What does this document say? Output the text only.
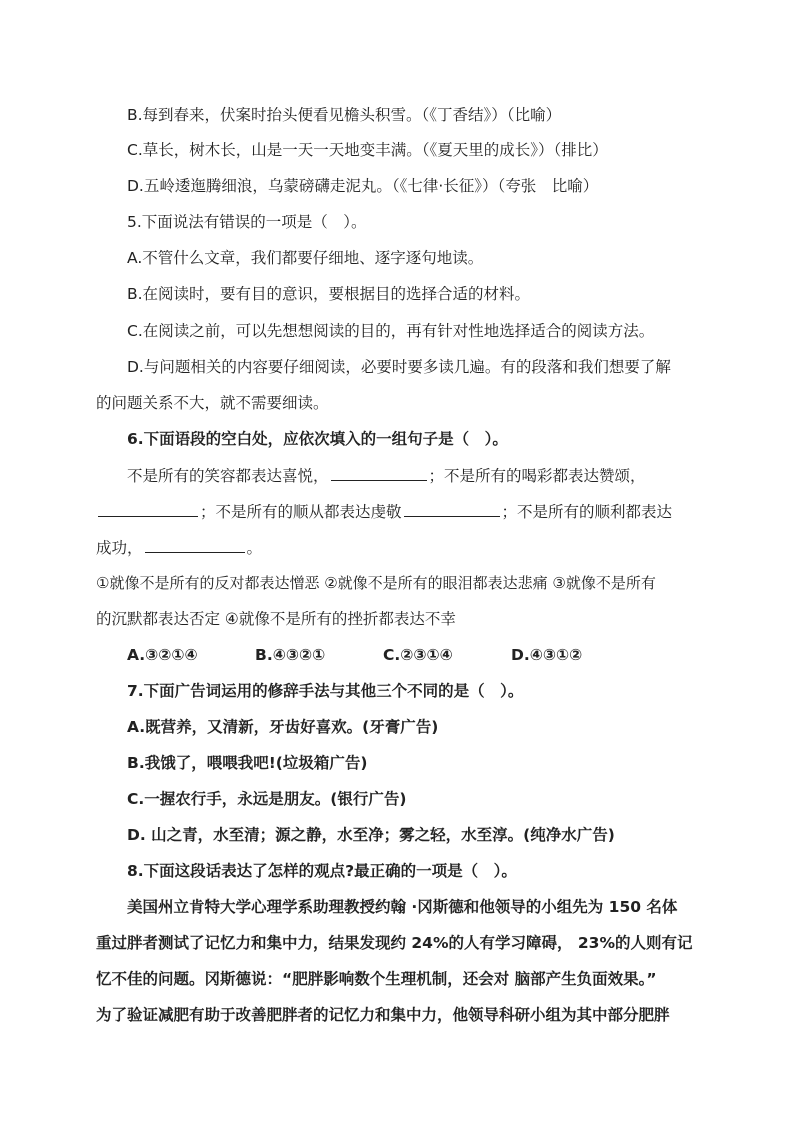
B.每到春来，伏案时抬头便看见檐头积雪。（《丁香结》）（比喻）
C.草长，树木长，山是一天一天地变丰满。（《夏天里的成长》）（排比）
D.五岭逶迤腾细浪，乌蒙磅礴走泥丸。（《七律·长征》）（夸张　比喻）
5.下面说法有错误的一项是（　）。
A.不管什么文章，我们都要仔细地、逐字逐句地读。
B.在阅读时，要有目的意识，要根据目的选择合适的材料。
C.在阅读之前，可以先想想阅读的目的，再有针对性地选择适合的阅读方法。
D.与问题相关的内容要仔细阅读，必要时要多读几遍。有的段落和我们想要了解
的问题关系不大，就不需要细读。
6.下面语段的空白处，应依次填入的一组句子是（　）。
不是所有的笑容都表达喜悦，	；不是所有的喝彩都表达赞颂，
；不是所有的顺从都表达虔敬	；不是所有的顺利都表达
成功，	。
①就像不是所有的反对都表达憎恶 ②就像不是所有的眼泪都表达悲痛 ③就像不是所有
的沉默都表达否定 ④就像不是所有的挫折都表达不幸
A.③②①④	B.④③②①	C.②③①④	D.④③①②
7.下面广告词运用的修辞手法与其他三个不同的是（　）。
A.既营养，又清新，牙齿好喜欢。(牙膏广告)
B.我饿了，喂喂我吧!(垃圾箱广告)
C.一握农行手，永远是朋友。(银行广告)
D. 山之青，水至清；源之静，水至净；雾之轻，水至淳。(纯净水广告)
8.下面这段话表达了怎样的观点?最正确的一项是（　）。
美国州立肯特大学心理学系助理教授约翰 ·冈斯德和他领导的小组先为 150 名体
重过胖者测试了记忆力和集中力，结果发现约 24%的人有学习障碍， 23%的人则有记
忆不佳的问题。冈斯德说：“肥胖影响数个生理机制，还会对 脑部产生负面效果。”
为了验证减肥有助于改善肥胖者的记忆力和集中力，他领导科研小组为其中部分肥胖
